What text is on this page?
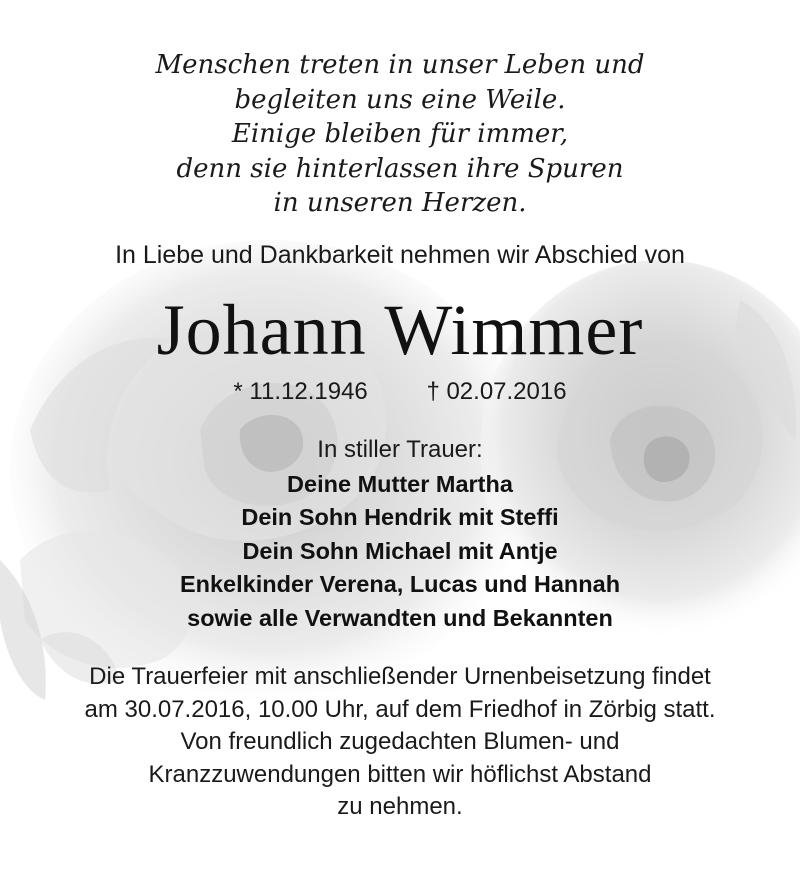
Menschen treten in unser Leben und
begleiten uns eine Weile.
Einige bleiben für immer,
denn sie hinterlassen ihre Spuren
in unseren Herzen.
In Liebe und Dankbarkeit nehmen wir Abschied von
Johann Wimmer
* 11.12.1946 † 02.07.2016
In stiller Trauer:
Deine Mutter Martha
Dein Sohn Hendrik mit Steffi
Dein Sohn Michael mit Antje
Enkelkinder Verena, Lucas und Hannah
sowie alle Verwandten und Bekannten
Die Trauerfeier mit anschließender Urnenbeisetzung findet
am 30.07.2016, 10.00 Uhr, auf dem Friedhof in Zörbig statt.
Von freundlich zugedachten Blumen- und
Kranzzuwendungen bitten wir höflichst Abstand
zu nehmen.
